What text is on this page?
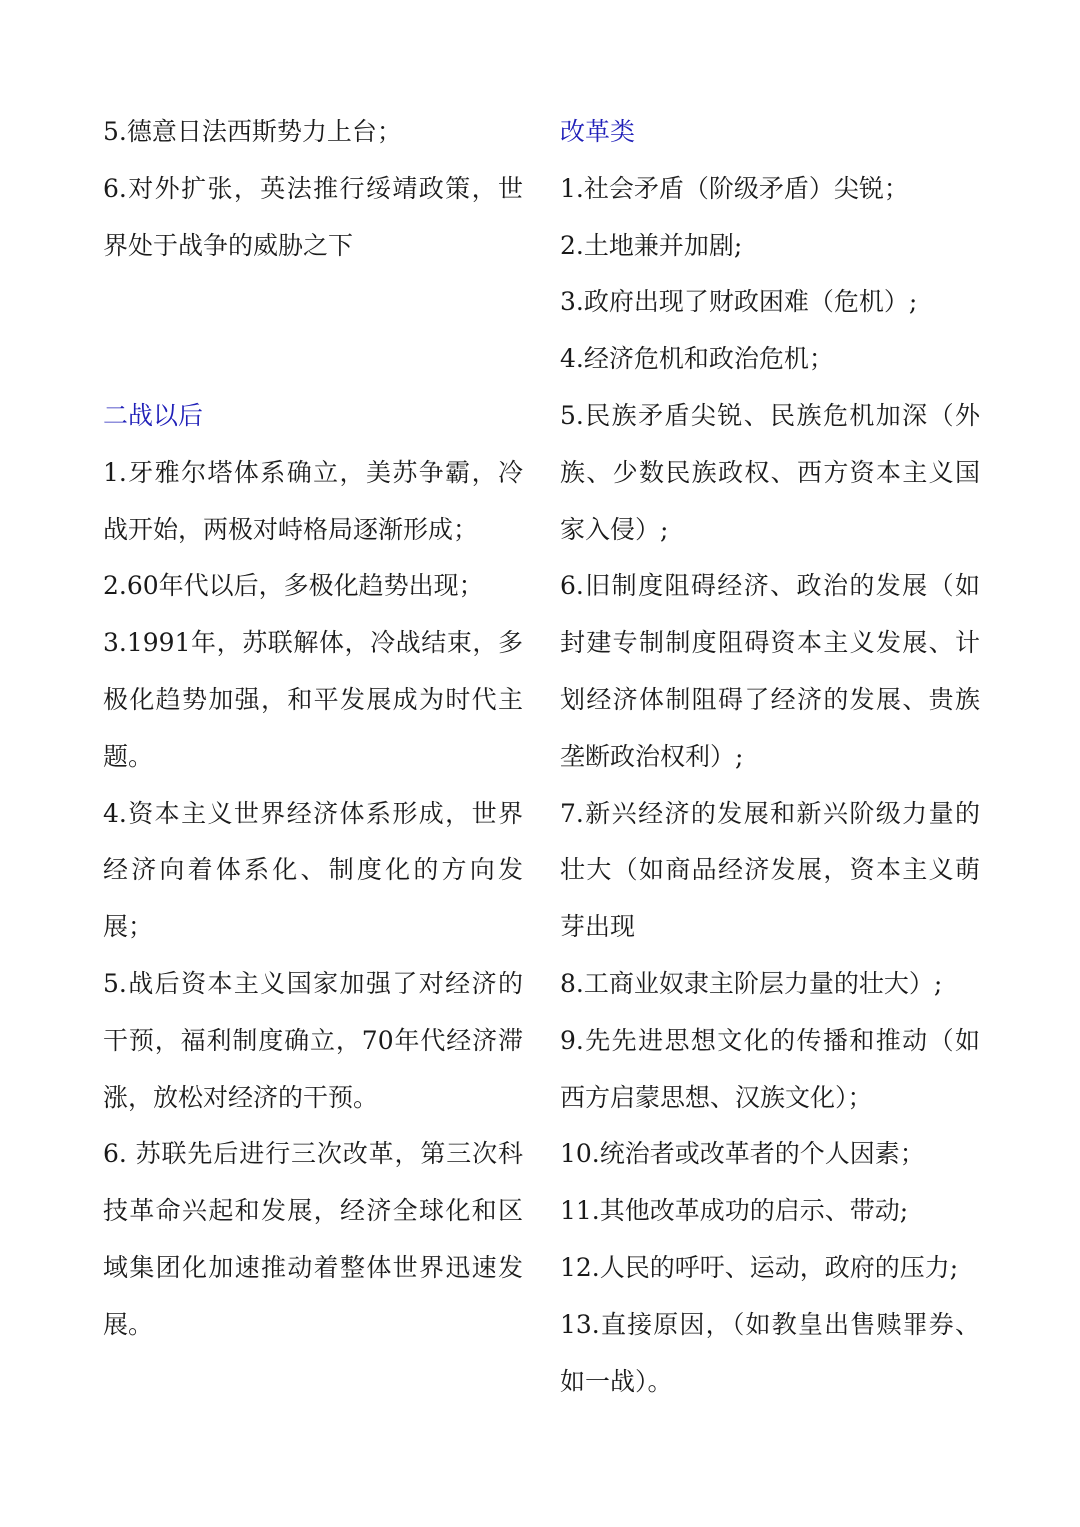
5.德意日法西斯势力上台；

6.对外扩张，英法推行绥靖政策，世界处于战争的威胁之下

二战以后

1.牙雅尔塔体系确立，美苏争霸，冷战开始，两极对峙格局逐渐形成；

2.60年代以后，多极化趋势出现；

3.1991年，苏联解体，冷战结束，多极化趋势加强，和平发展成为时代主题。

4.资本主义世界经济体系形成，世界经济向着体系化、制度化的方向发展；

5.战后资本主义国家加强了对经济的干预，福利制度确立，70年代经济滞涨，放松对经济的干预。

6. 苏联先后进行三次改革，第三次科技革命兴起和发展，经济全球化和区域集团化加速推动着整体世界迅速发展。

改革类

1.社会矛盾（阶级矛盾）尖锐；

2.土地兼并加剧;

3.政府出现了财政困难（危机）;

4.经济危机和政治危机；

5.民族矛盾尖锐、民族危机加深（外族、少数民族政权、西方资本主义国家入侵）;

6.旧制度阻碍经济、政治的发展（如封建专制制度阻碍资本主义发展、计划经济体制阻碍了经济的发展、贵族垄断政治权利）;

7.新兴经济的发展和新兴阶级力量的壮大（如商品经济发展，资本主义萌芽出现

8.工商业奴隶主阶层力量的壮大）;

9.先先进思想文化的传播和推动（如西方启蒙思想、汉族文化）；

10.统治者或改革者的个人因素；

11.其他改革成功的启示、带动;

12.人民的呼吁、运动，政府的压力;

13.直接原因，（如教皇出售赎罪券、如一战）。
